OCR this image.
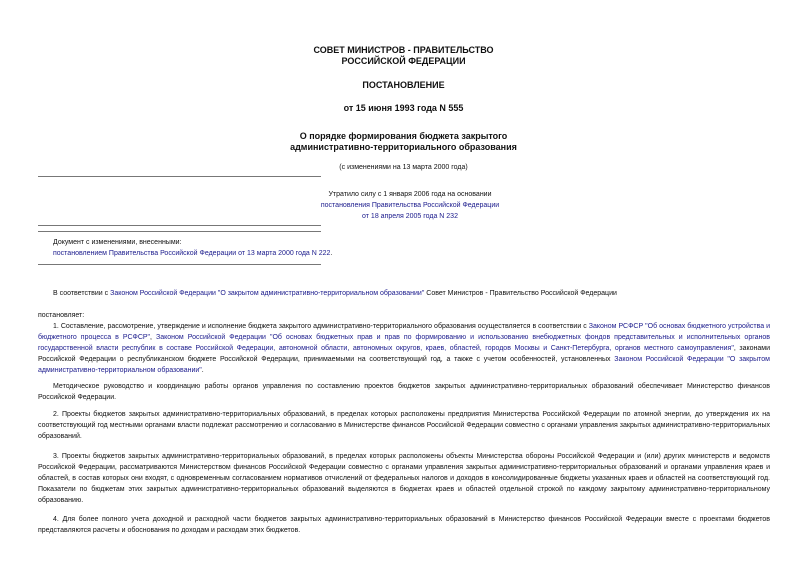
СОВЕТ МИНИСТРОВ - ПРАВИТЕЛЬСТВО
РОССИЙСКОЙ ФЕДЕРАЦИИ
ПОСТАНОВЛЕНИЕ
от 15 июня 1993 года N 555
О порядке формирования бюджета закрытого
административно-территориального образования
(с изменениями на 13 марта 2000 года)
Утратило силу с 1 января 2006 года на основании
постановления Правительства Российской Федерации
от 18 апреля 2005 года N 232
Документ с изменениями, внесенными:
постановлением Правительства Российской Федерации от 13 марта 2000 года N 222.
В соответствии с Законом Российской Федерации "О закрытом административно-территориальном образовании" Совет Министров - Правительство Российской Федерации
постановляет:
1. Составление, рассмотрение, утверждение и исполнение бюджета закрытого административно-территориального образования осуществляется в соответствии с Законом РСФСР "Об основах бюджетного устройства и бюджетного процесса в РСФСР", Законом Российской Федерации "Об основах бюджетных прав и прав по формированию и использованию внебюджетных фондов представительных и исполнительных органов государственной власти республик в составе Российской Федерации, автономной области, автономных округов, краев, областей, городов Москвы и Санкт-Петербурга, органов местного самоуправления", законами Российской Федерации о республиканском бюджете Российской Федерации, принимаемыми на соответствующий год, а также с учетом особенностей, установленных Законом Российской Федерации "О закрытом административно-территориальном образовании".
Методическое руководство и координацию работы органов управления по составлению проектов бюджетов закрытых административно-территориальных образований обеспечивает Министерство финансов Российской Федерации.
2. Проекты бюджетов закрытых административно-территориальных образований, в пределах которых расположены предприятия Министерства Российской Федерации по атомной энергии, до утверждения их на соответствующий год местными органами власти подлежат рассмотрению и согласованию в Министерстве финансов Российской Федерации совместно с органами управления закрытых административно-территориальных образований.
3. Проекты бюджетов закрытых административно-территориальных образований, в пределах которых расположены объекты Министерства обороны Российской Федерации и (или) других министерств и ведомств Российской Федерации, рассматриваются Министерством финансов Российской Федерации совместно с органами управления закрытых административно-территориальных образований и органами управления краев и областей, в состав которых они входят, с одновременным согласованием нормативов отчислений от федеральных налогов и доходов в консолидированные бюджеты указанных краев и областей на соответствующий год. Показатели по бюджетам этих закрытых административно-территориальных образований выделяются в бюджетах краев и областей отдельной строкой по каждому закрытому административно-территориальному образованию.
4. Для более полного учета доходной и расходной части бюджетов закрытых административно-территориальных образований в Министерство финансов Российской Федерации вместе с проектами бюджетов представляются расчеты и обоснования по доходам и расходам этих бюджетов.
